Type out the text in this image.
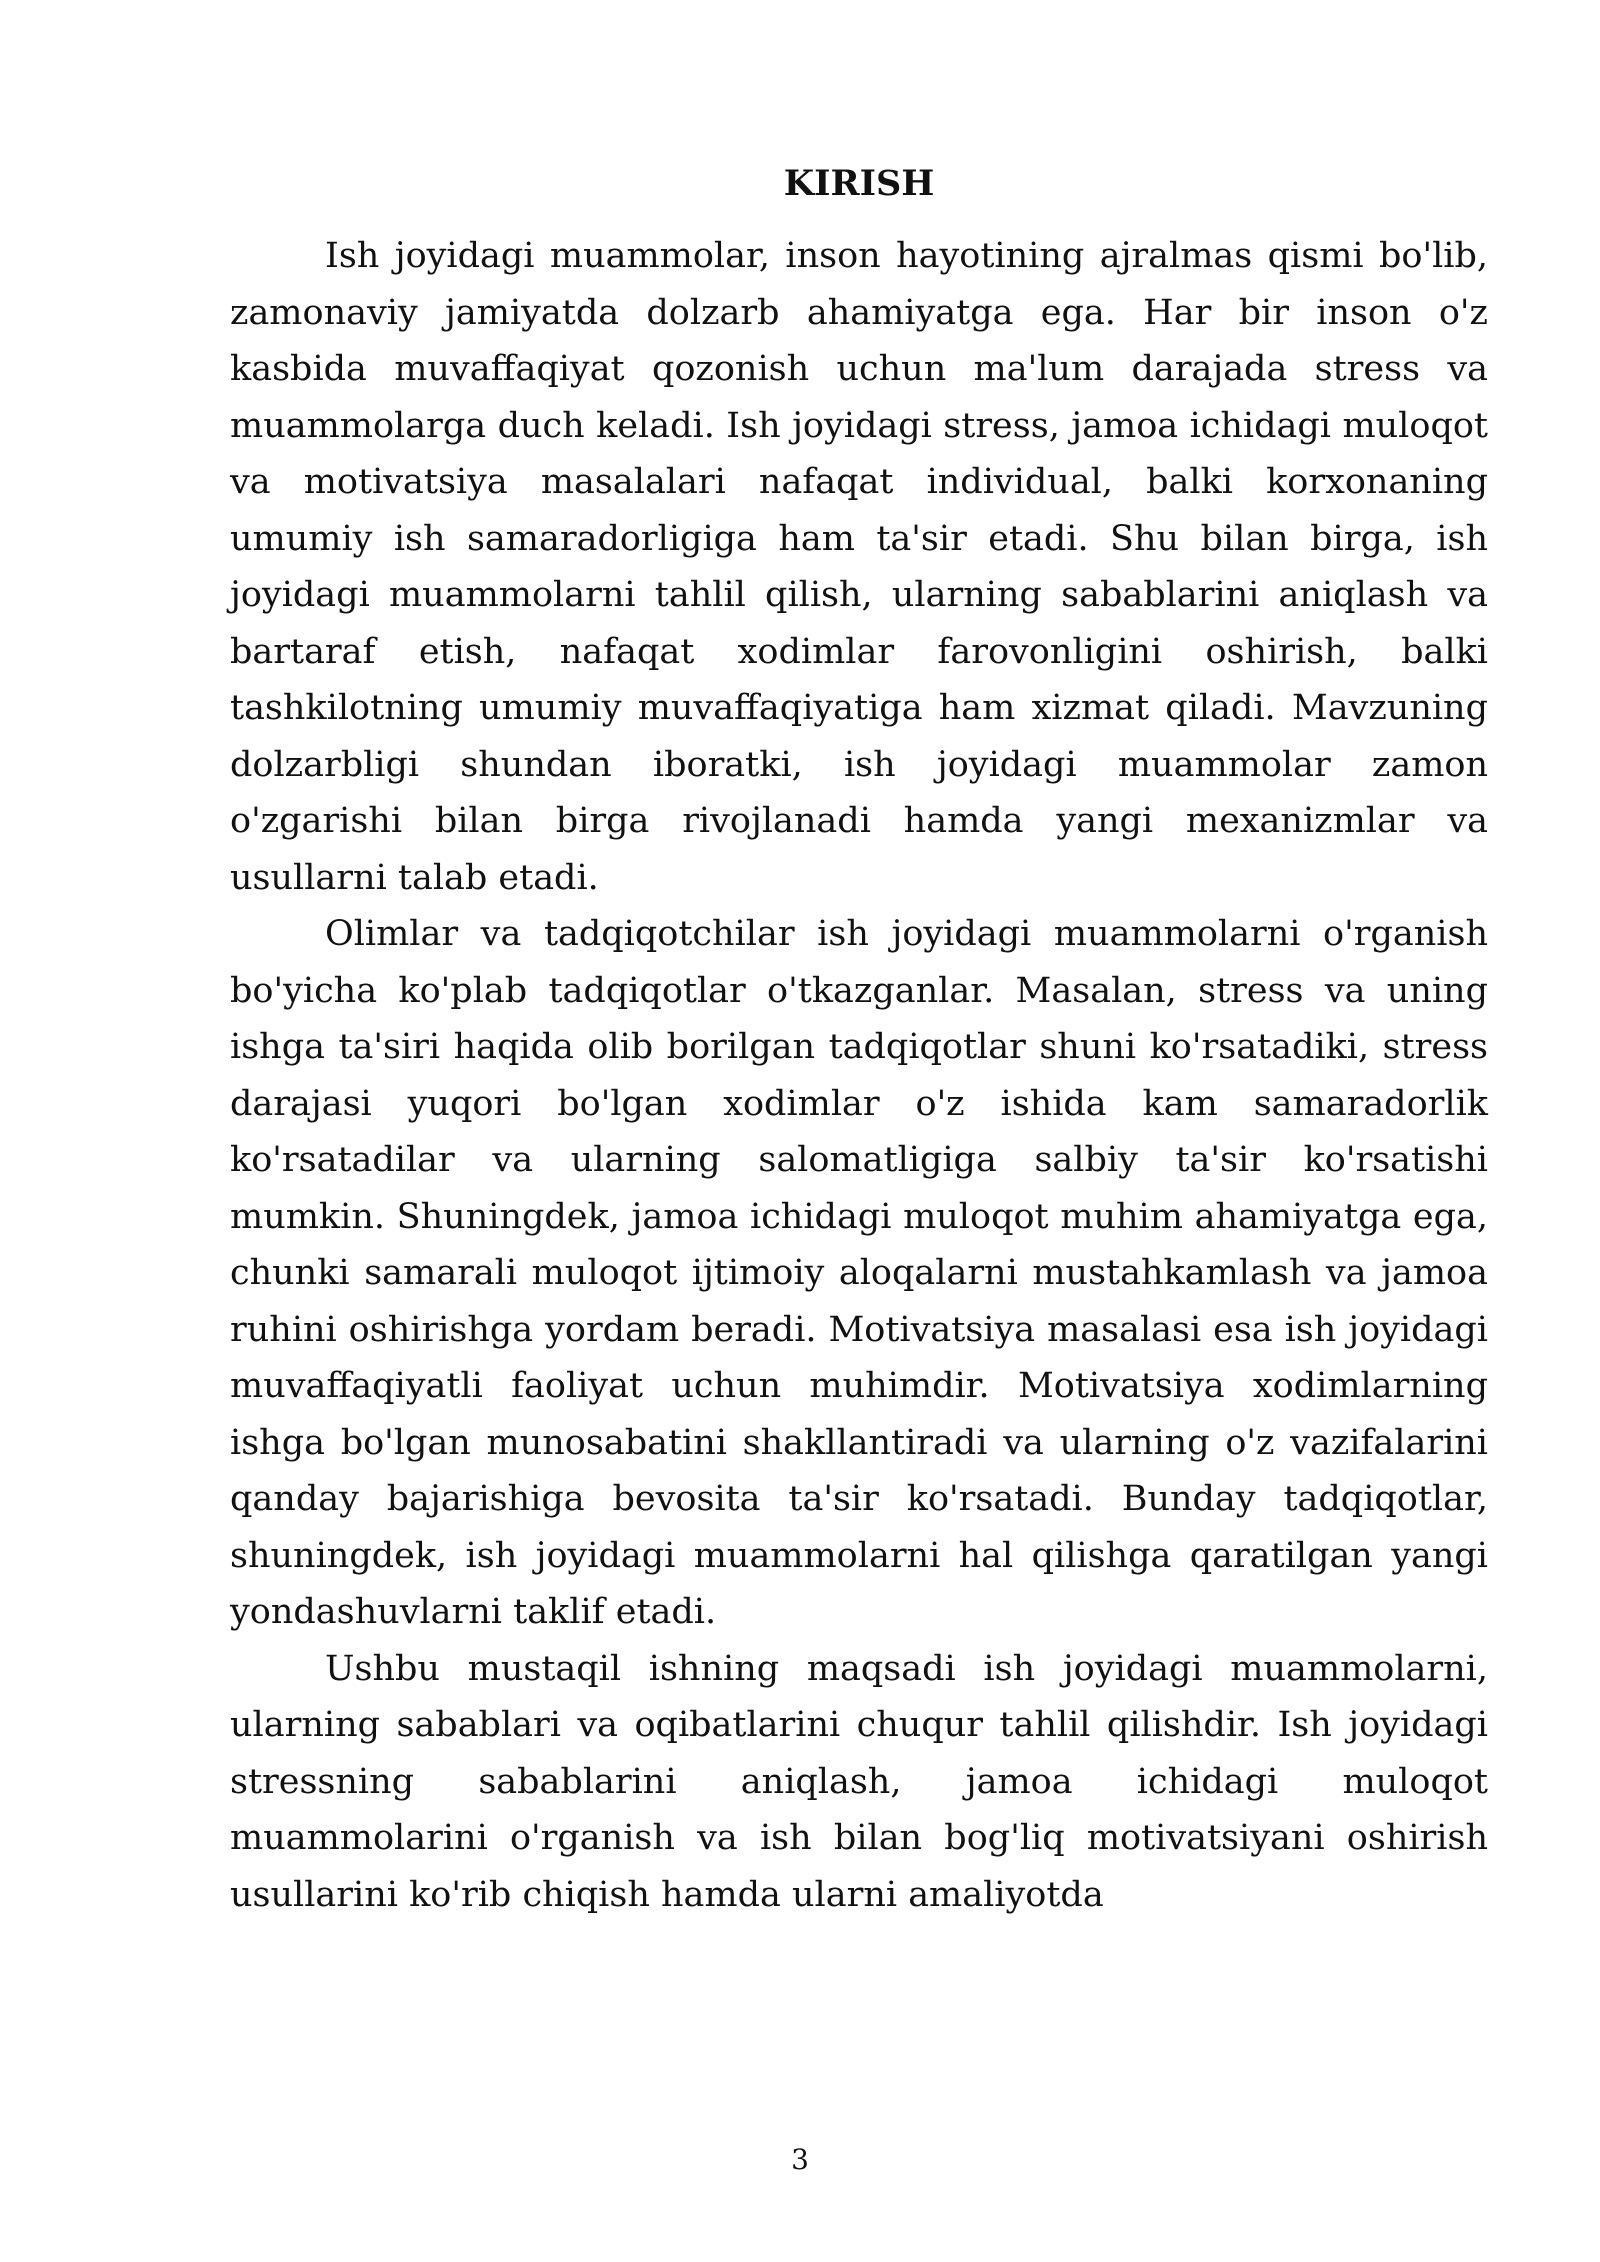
KIRISH

Ish joyidagi muammolar, inson hayotining ajralmas qismi bo'lib, zamonaviy jamiyatda dolzarb ahamiyatga ega. Har bir inson o'z kasbida muvaffaqiyat qozonish uchun ma'lum darajada stress va muammolarga duch keladi. Ish joyidagi stress, jamoa ichidagi muloqot va motivatsiya masalalari nafaqat individual, balki korxonaning umumiy ish samaradorligiga ham ta'sir etadi. Shu bilan birga, ish joyidagi muammolarni tahlil qilish, ularning sabablarini aniqlash va bartaraf etish, nafaqat xodimlar farovonligini oshirish, balki tashkilotning umumiy muvaffaqiyatiga ham xizmat qiladi. Mavzuning dolzarbligi shundan iboratki, ish joyidagi muammolar zamon o'zgarishi bilan birga rivojlanadi hamda yangi mexanizmlar va usullarni talab etadi.

Olimlar va tadqiqotchilar ish joyidagi muammolarni o'rganish bo'yicha ko'plab tadqiqotlar o'tkazganlar. Masalan, stress va uning ishga ta'siri haqida olib borilgan tadqiqotlar shuni ko'rsatadiki, stress darajasi yuqori bo'lgan xodimlar o'z ishida kam samaradorlik ko'rsatadilar va ularning salomatligiga salbiy ta'sir ko'rsatishi mumkin. Shuningdek, jamoa ichidagi muloqot muhim ahamiyatga ega, chunki samarali muloqot ijtimoiy aloqalarni mustahkamlash va jamoa ruhini oshirishga yordam beradi. Motivatsiya masalasi esa ish joyidagi muvaffaqiyatli faoliyat uchun muhimdir. Motivatsiya xodimlarning ishga bo'lgan munosabatini shakllantiradi va ularning o'z vazifalarini qanday bajarishiga bevosita ta'sir ko'rsatadi. Bunday tadqiqotlar, shuningdek, ish joyidagi muammolarni hal qilishga qaratilgan yangi yondashuvlarni taklif etadi.

Ushbu mustaqil ishning maqsadi ish joyidagi muammolarni, ularning sabablari va oqibatlarini chuqur tahlil qilishdir. Ish joyidagi stressning sabablarini aniqlash, jamoa ichidagi muloqot muammolarini o'rganish va ish bilan bog'liq motivatsiyani oshirish usullarini ko'rib chiqish hamda ularni amaliyotda

3
